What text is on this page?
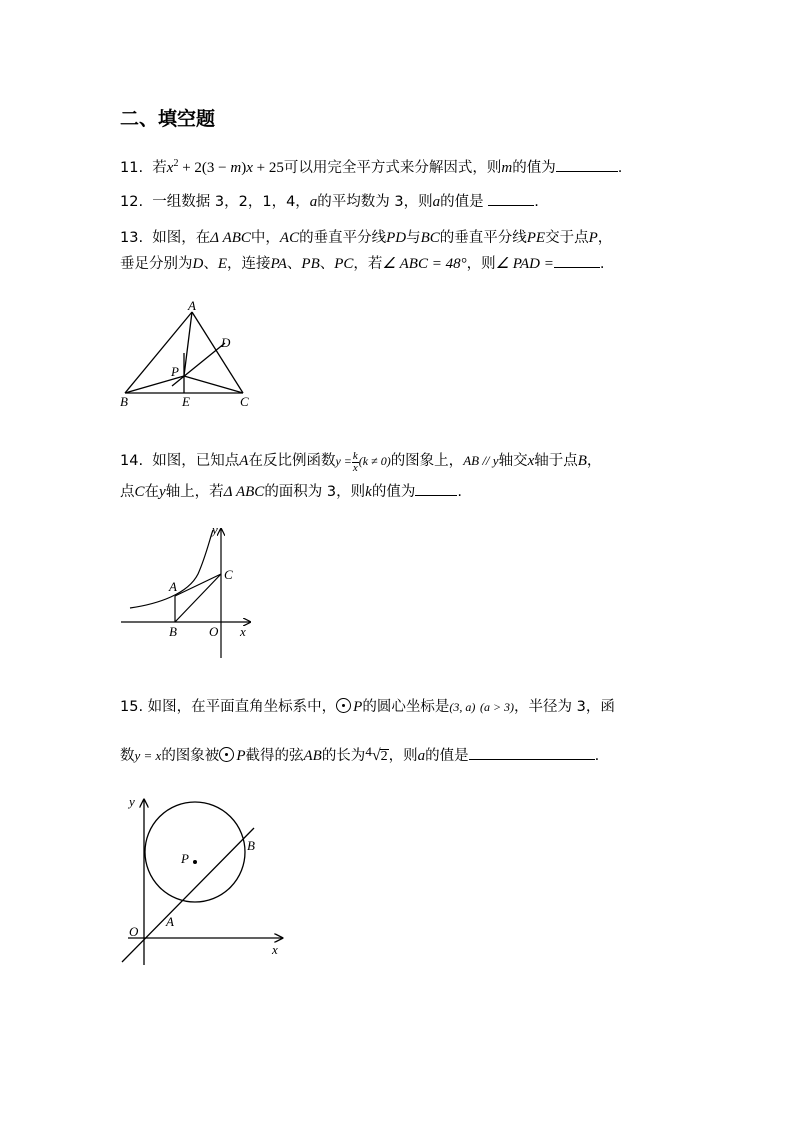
二、填空题
11. 若$x^2 + 2(3 - m)x + 25$可以用完全平方式来分解因式，则m的值为	.
12. 一组数据 3，2，1，4，a的平均数为 3，则a的值是	.
13. 如图，在Δ ABC中，AC的垂直平分线PD与BC的垂直平分线PE交于点P，
垂足分别为D、E，连接PA、PB、PC，若∠ ABC = 48°，则∠ PAD =	.
A
B	C
D
E
P
14. 如图，已知点A在反比例函数$y = \frac{k}{x} (k \ne 0)$的图象上，AB // y轴交x轴于点B，
点C在y轴上，若Δ ABC的面积为 3，则k的值为	.
y
x
A
B
C
O
15. 如图，在平面直角坐标系中， P的圆心坐标是(3, a) (a > 3)，半径为 3，函
数y = x的图象被 P截得的弦AB的长为4√2，则a的值是	.
y
x
O
A
B
P
